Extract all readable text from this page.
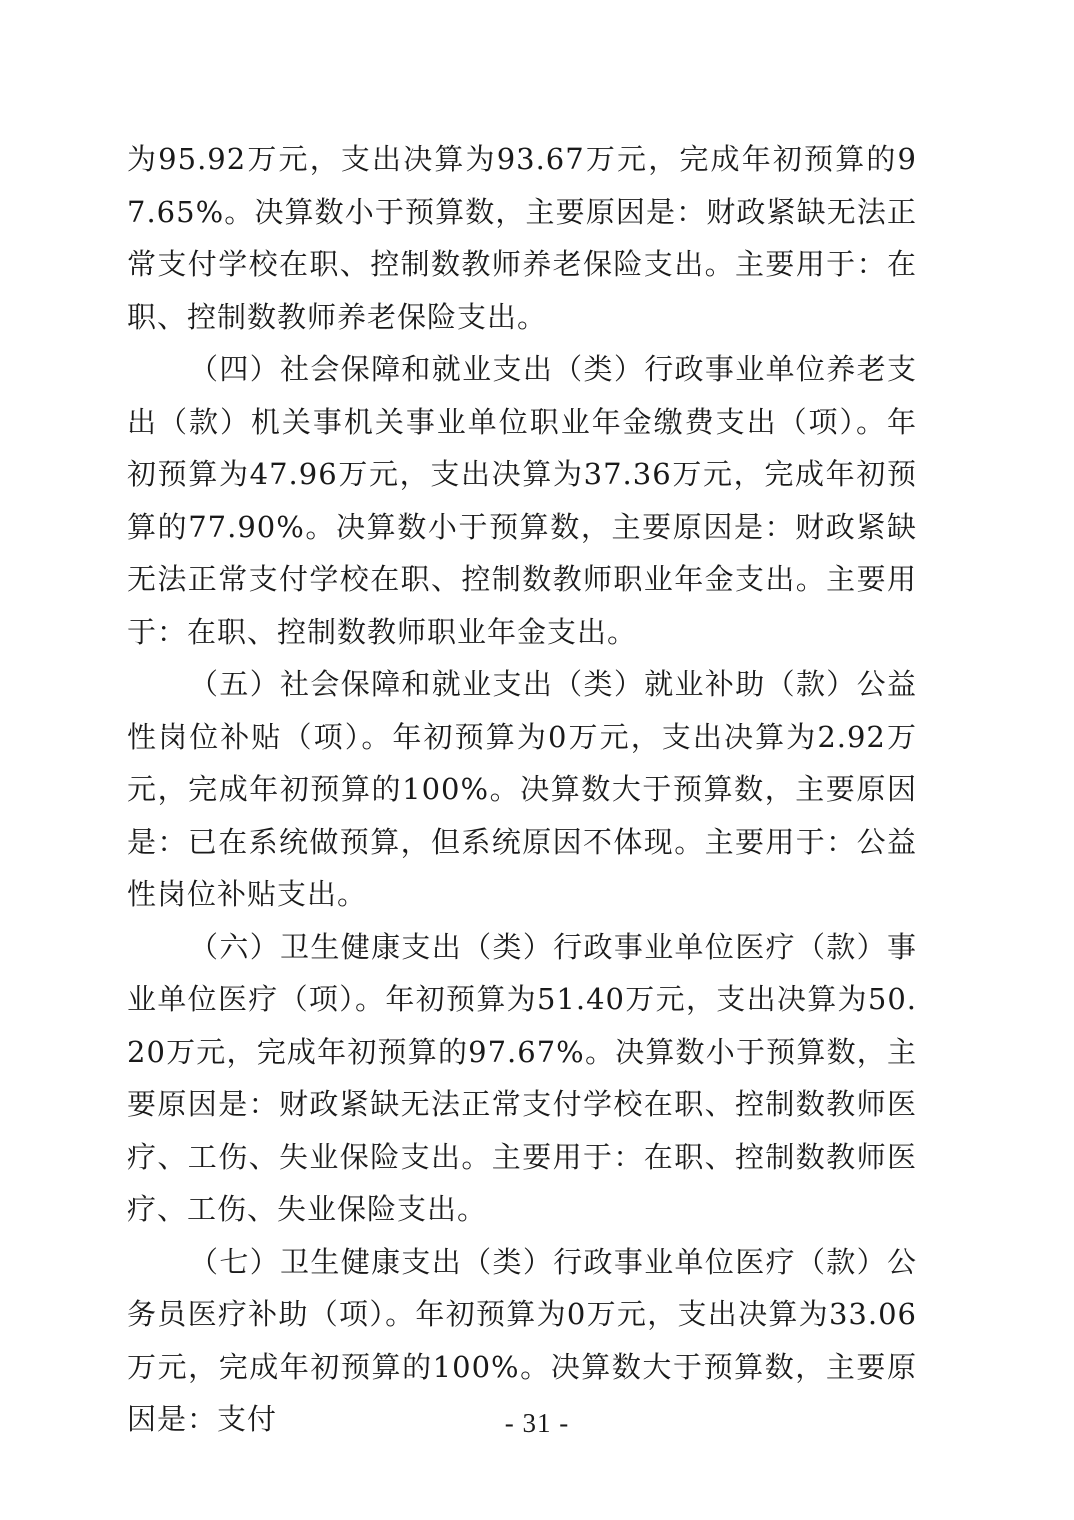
为95.92万元，支出决算为93.67万元，完成年初预算的97.65%。决算数小于预算数，主要原因是：财政紧缺无法正常支付学校在职、控制数教师养老保险支出。主要用于：在职、控制数教师养老保险支出。

（四）社会保障和就业支出（类）行政事业单位养老支出（款）机关事机关事业单位职业年金缴费支出（项）。年初预算为47.96万元，支出决算为37.36万元，完成年初预算的77.90%。决算数小于预算数，主要原因是：财政紧缺无法正常支付学校在职、控制数教师职业年金支出。主要用于：在职、控制数教师职业年金支出。

（五）社会保障和就业支出（类）就业补助（款）公益性岗位补贴（项）。年初预算为0万元，支出决算为2.92万元，完成年初预算的100%。决算数大于预算数，主要原因是：已在系统做预算，但系统原因不体现。主要用于：公益性岗位补贴支出。

（六）卫生健康支出（类）行政事业单位医疗（款）事业单位医疗（项）。年初预算为51.40万元，支出决算为50.20万元，完成年初预算的97.67%。决算数小于预算数，主要原因是：财政紧缺无法正常支付学校在职、控制数教师医疗、工伤、失业保险支出。主要用于：在职、控制数教师医疗、工伤、失业保险支出。

（七）卫生健康支出（类）行政事业单位医疗（款）公务员医疗补助（项）。年初预算为0万元，支出决算为33.06万元，完成年初预算的100%。决算数大于预算数，主要原因是：支付	- 31 -
